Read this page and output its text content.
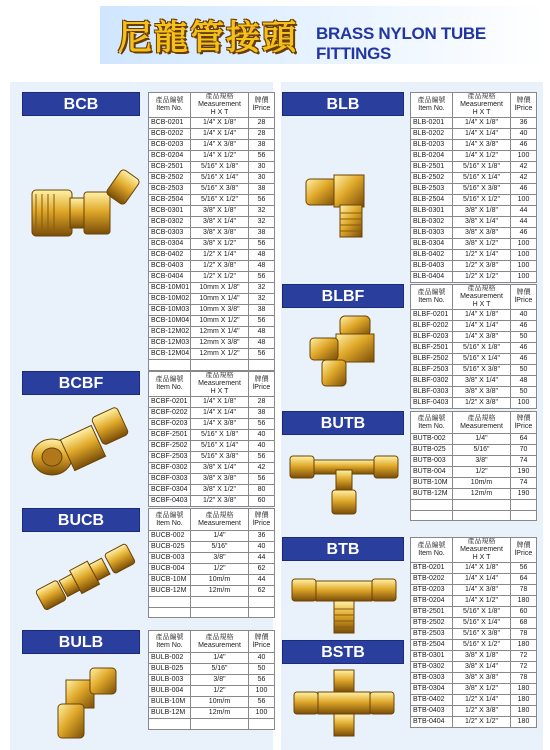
尼龍管接頭 BRASS NYLON TUBE FITTINGS
BCB	產品編號
Item No.	產品規格
Measurement
H X T	牌價
lPrice

BCB-0201	1/4" X 1/8"	28
BCB-0202	1/4" X 1/4"	28
BCB-0203	1/4" X 3/8"	38
BCB-0204	1/4" X 1/2"	56
BCB-2501	5/16" X 1/8"	30
BCB-2502	5/16" X 1/4"	30
BCB-2503	5/16" X 3/8"	38
BCB-2504	5/16" X 1/2"	56
BCB-0301	3/8" X 1/8"	32
BCB-0302	3/8" X 1/4"	32
BCB-0303	3/8" X 3/8"	38
BCB-0304	3/8" X 1/2"	56
BCB-0402	1/2" X 1/4"	48
BCB-0403	1/2" X 3/8"	48
BCB-0404	1/2" X 1/2"	56
BCB-10M01	10mm X 1/8"	32
BCB-10M02	10mm X 1/4"	32
BCB-10M03	10mm X 3/8"	38
BCB-10M04	10mm X 1/2"	56
BCB-12M02	12mm X 1/4"	48
BCB-12M03	12mm X 3/8"	48
BCB-12M04	12mm X 1/2"	56

BCBF	產品編號
Item No.	產品規格
Measurement
H X T	牌價
lPrice

BCBF-0201	1/4" X 1/8"	28
BCBF-0202	1/4" X 1/4"	38
BCBF-0203	1/4" X 3/8"	56
BCBF-2501	5/16" X 1/8"	40
BCBF-2502	5/16" X 1/4"	40
BCBF-2503	5/16" X 3/8"	56
BCBF-0302	3/8" X 1/4"	42
BCBF-0303	3/8" X 3/8"	56
BCBF-0304	3/8" X 1/2"	80
BCBF-0403	1/2" X 3/8"	60
BUCB	產品編號
Item No.	產品規格
Measurement	牌價
lPrice

BUCB-002	1/4"	36
BUCB-025	5/16"	40
BUCB-003	3/8"	44
BUCB-004	1/2"	62
BUCB-10M	10m/m	44
BUCB-12M	12m/m	62

BULB	產品編號
Item No.	產品規格
Measurement	牌價
lPrice

BULB-002	1/4"	40
BULB-025	5/16"	50
BULB-003	3/8"	56
BULB-004	1/2"	100
BULB-10M	10m/m	56
BULB-12M	12m/m	100

BLB	產品編號
Item No.	產品規格
Measurement
H X T	牌價
lPrice

BLB-0201	1/4" X 1/8"	36
BLB-0202	1/4" X 1/4"	40
BLB-0203	1/4" X 3/8"	46
BLB-0204	1/4" X 1/2"	100
BLB-2501	5/16" X 1/8"	42
BLB-2502	5/16" X 1/4"	42
BLB-2503	5/16" X 3/8"	46
BLB-2504	5/16" X 1/2"	100
BLB-0301	3/8" X 1/8"	44
BLB-0302	3/8" X 1/4"	44
BLB-0303	3/8" X 3/8"	46
BLB-0304	3/8" X 1/2"	100
BLB-0402	1/2" X 1/4"	100
BLB-0403	1/2" X 3/8"	100
BLB-0404	1/2" X 1/2"	100
BLBF	產品編號
Item No.	產品規格
Measurement
H X T	牌價
lPrice

BLBF-0201	1/4" X 1/8"	40
BLBF-0202	1/4" X 1/4"	46
BLBF-0203	1/4" X 3/8"	50
BLBF-2501	5/16" X 1/8"	46
BLBF-2502	5/16" X 1/4"	46
BLBF-2503	5/16" X 3/8"	50
BLBF-0302	3/8" X 1/4"	48
BLBF-0303	3/8" X 3/8"	50
BLBF-0403	1/2" X 3/8"	100
BUTB	產品編號
Item No.	產品規格
Measurement	牌價
lPrice

BUTB-002	1/4"	64
BUTB-025	5/16"	70
BUTB-003	3/8"	74
BUTB-004	1/2"	190
BUTB-10M	10m/m	74
BUTB-12M	12m/m	190

BTB
BSTB
產品編號
Item No.	產品規格
Measurement
H X T	牌價
lPrice

BTB-0201	1/4" X 1/8"	56
BTB-0202	1/4" X 1/4"	64
BTB-0203	1/4" X 3/8"	78
BTB-0204	1/4" X 1/2"	180
BTB-2501	5/16" X 1/8"	60
BTB-2502	5/16" X 1/4"	68
BTB-2503	5/16" X 3/8"	78
BTB-2504	5/16" X 1/2"	180
BTB-0301	3/8" X 1/8"	72
BTB-0302	3/8" X 1/4"	72
BTB-0303	3/8" X 3/8"	78
BTB-0304	3/8" X 1/2"	180
BTB-0402	1/2" X 1/4"	180
BTB-0403	1/2" X 3/8"	180
BTB-0404	1/2" X 1/2"	180
